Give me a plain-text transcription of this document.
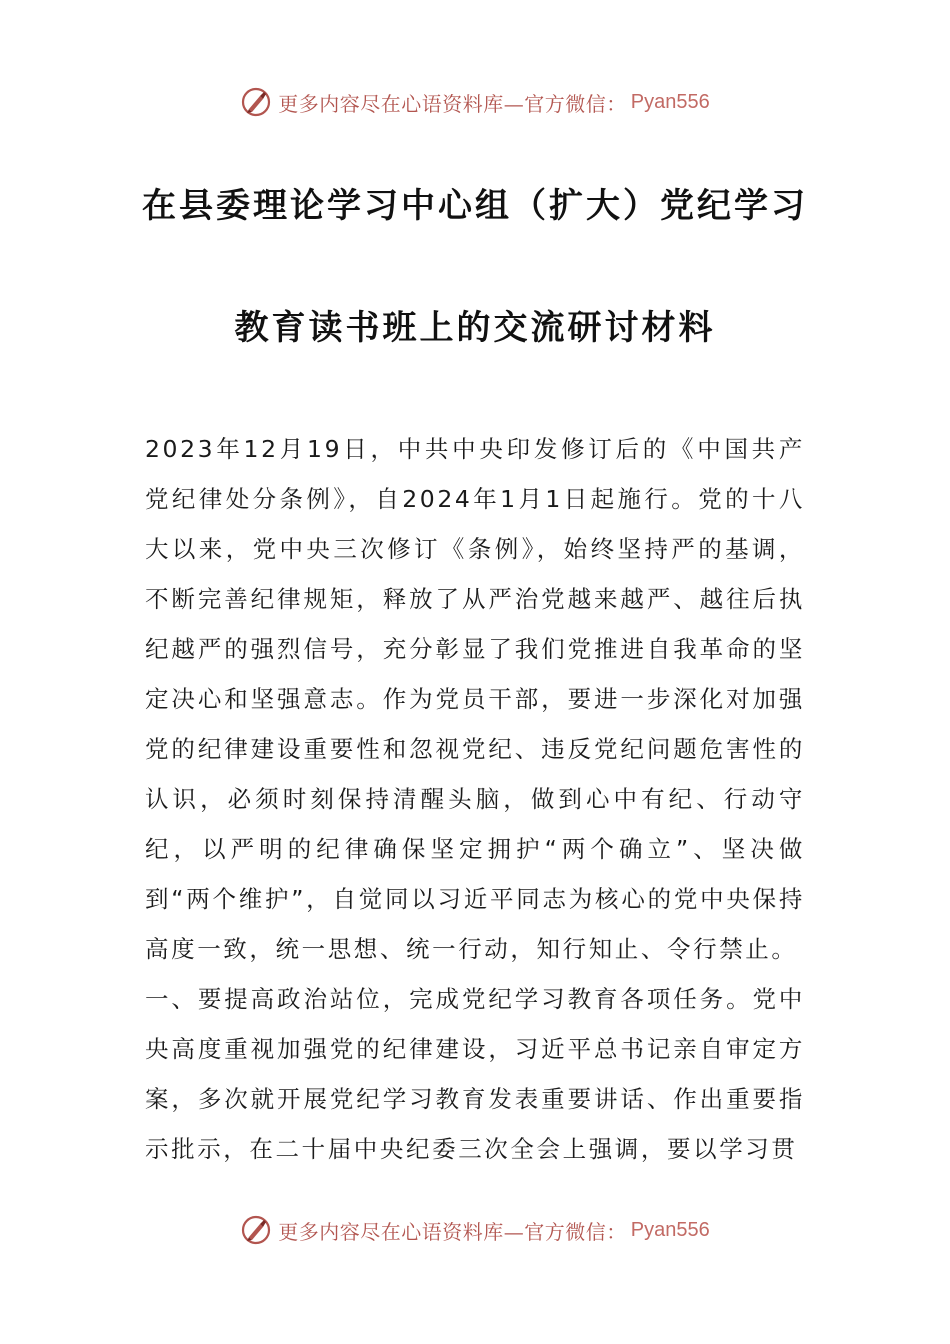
更多内容尽在心语资料库—官方微信： Pyan556
在县委理论学习中心组（扩大）党纪学习
教育读书班上的交流研讨材料

2023年12月19日，中共中央印发修订后的《中国共产党纪律处分条例》，自2024年1月1日起施行。党的十八大以来，党中央三次修订《条例》，始终坚持严的基调，不断完善纪律规矩，释放了从严治党越来越严、越往后执纪越严的强烈信号，充分彰显了我们党推进自我革命的坚定决心和坚强意志。作为党员干部，要进一步深化对加强党的纪律建设重要性和忽视党纪、违反党纪问题危害性的认识，必须时刻保持清醒头脑，做到心中有纪、行动守纪，以严明的纪律确保坚定拥护“两个确立”、坚决做到“两个维护”，自觉同以习近平同志为核心的党中央保持高度一致，统一思想、统一行动，知行知止、令行禁止。

一、要提高政治站位，完成党纪学习教育各项任务。党中央高度重视加强党的纪律建设，习近平总书记亲自审定方案，多次就开展党纪学习教育发表重要讲话、作出重要指示批示，在二十届中央纪委三次全会上强调，要以学习贯

更多内容尽在心语资料库—官方微信： Pyan556
